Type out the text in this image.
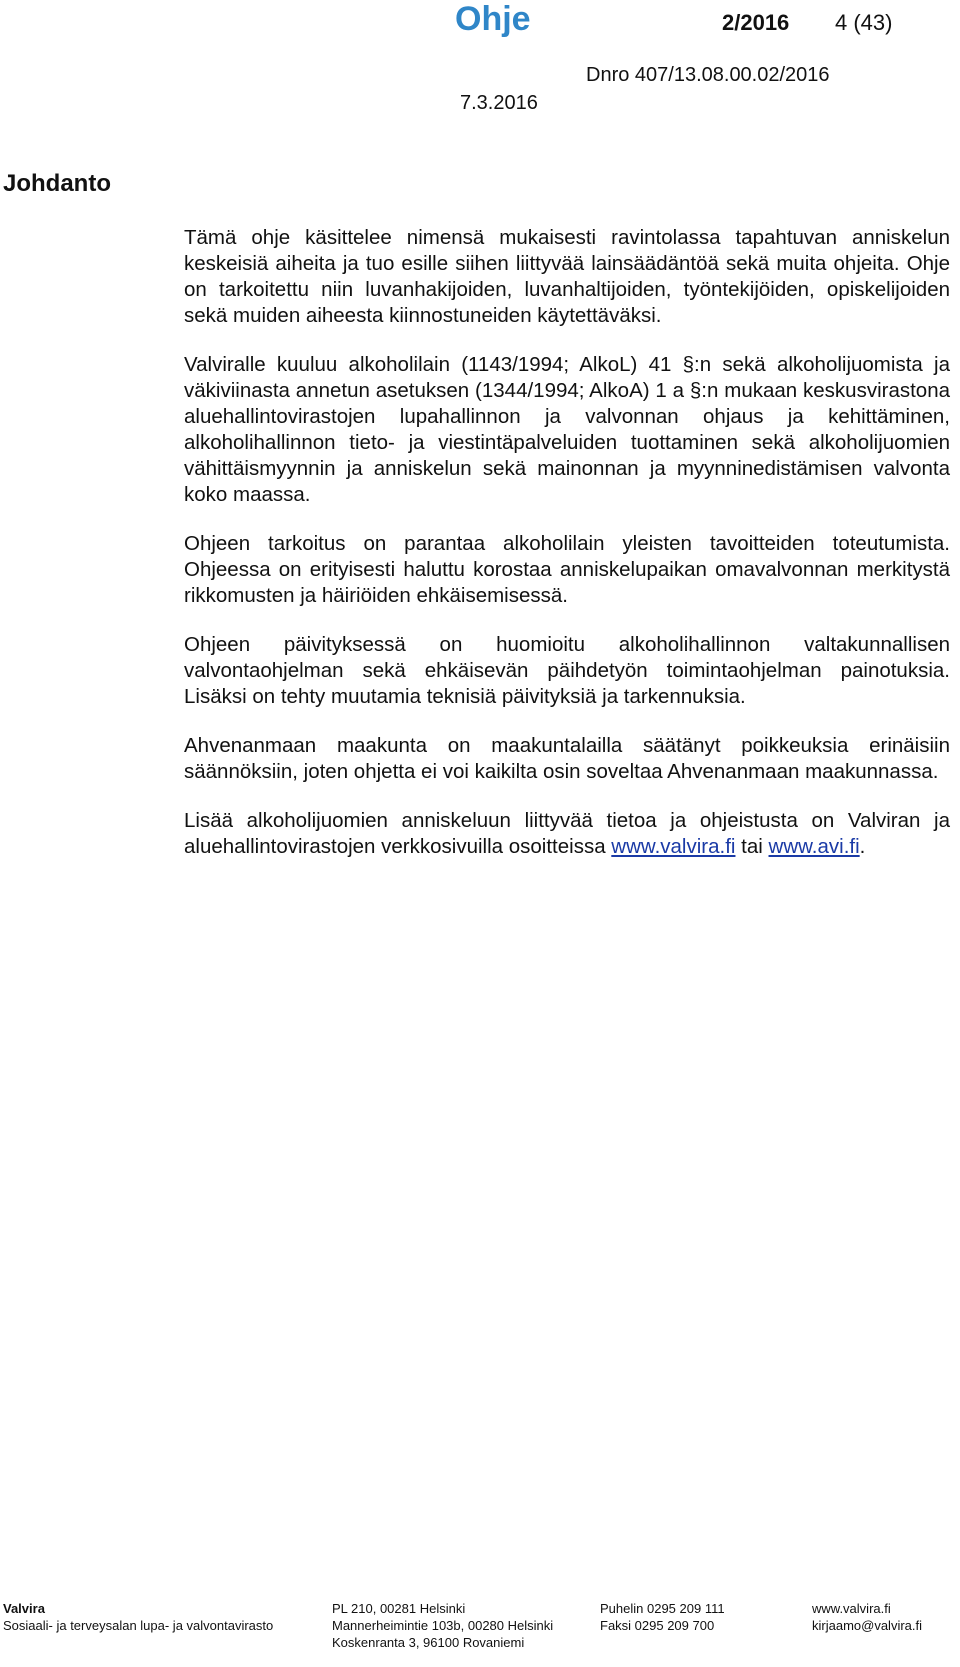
Ohje	2/2016 4 (43)
Dnro 407/13.08.00.02/2016
7.3.2016
Johdanto

Tämä ohje käsittelee nimensä mukaisesti ravintolassa tapahtuvan anniskelun keskeisiä aiheita ja tuo esille siihen liittyvää lainsäädäntöä sekä muita ohjeita. Ohje on tarkoitettu niin luvanhakijoiden, luvanhaltijoiden, työntekijöiden, opiskelijoiden sekä muiden aiheesta kiinnostuneiden käytettäväksi.

Valviralle kuuluu alkoholilain (1143/1994; AlkoL) 41 §:n sekä alkoholijuomista ja väkiviinasta annetun asetuksen (1344/1994; AlkoA) 1 a §:n mukaan keskusvirastona aluehallintovirastojen lupahallinnon ja valvonnan ohjaus ja kehittäminen, alkoholihallinnon tieto- ja viestintäpalveluiden tuottaminen sekä alkoholijuomien vähittäismyynnin ja anniskelun sekä mainonnan ja myynninedistämisen valvonta koko maassa.

Ohjeen tarkoitus on parantaa alkoholilain yleisten tavoitteiden toteutumista. Ohjeessa on erityisesti haluttu korostaa anniskelupaikan omavalvonnan merkitystä rikkomusten ja häiriöiden ehkäisemisessä.

Ohjeen päivityksessä on huomioitu alkoholihallinnon valtakunnallisen valvontaohjelman sekä ehkäisevän päihdetyön toimintaohjelman painotuksia. Lisäksi on tehty muutamia teknisiä päivityksiä ja tarkennuksia.

Ahvenanmaan maakunta on maakuntalailla säätänyt poikkeuksia erinäisiin säännöksiin, joten ohjetta ei voi kaikilta osin soveltaa Ahvenanmaan maakunnassa.

Lisää alkoholijuomien anniskeluun liittyvää tietoa ja ohjeistusta on Valviran ja aluehallintovirastojen verkkosivuilla osoitteissa www.valvira.fi tai www.avi.fi.

Valvira
Sosiaali- ja terveysalan lupa- ja valvontavirasto
PL 210, 00281 Helsinki
Mannerheimintie 103b, 00280 Helsinki
Koskenranta 3, 96100 Rovaniemi
Puhelin 0295 209 111
Faksi 0295 209 700
www.valvira.fi
kirjaamo@valvira.fi
